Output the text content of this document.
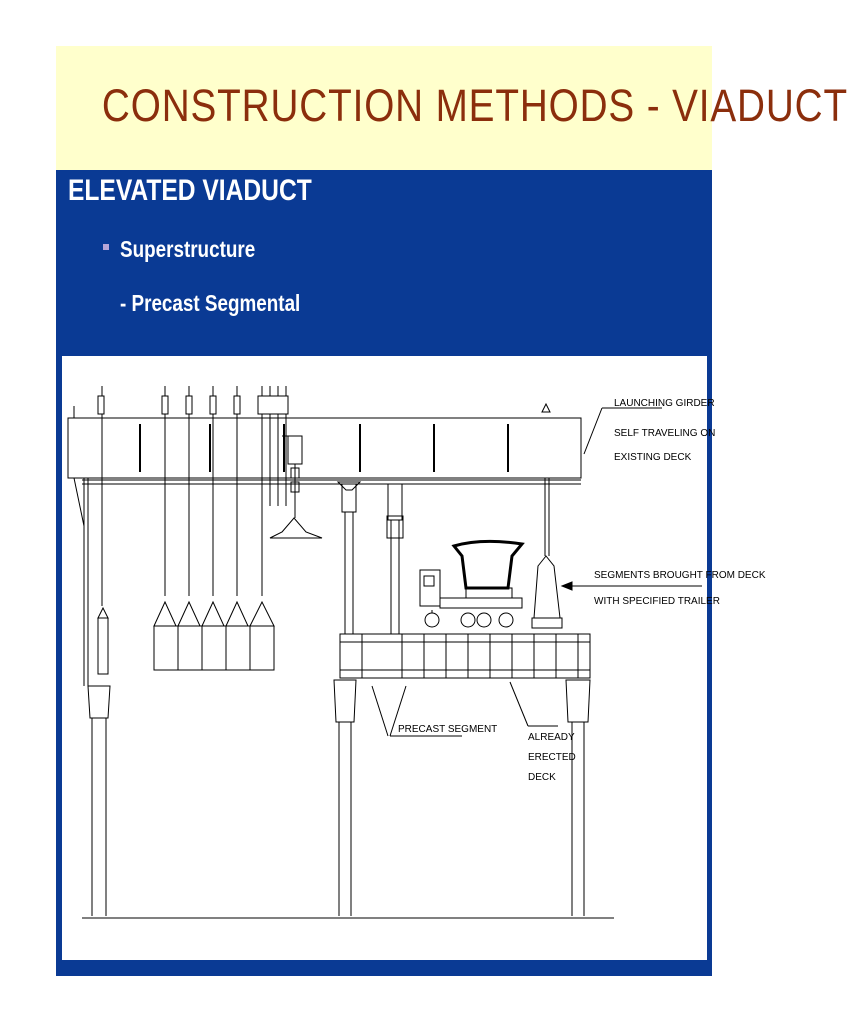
CONSTRUCTION METHODS - VIADUCT
ELEVATED VIADUCT
Superstructure
- Precast Segmental
LAUNCHING GIRDER
SELF TRAVELING ON
EXISTING DECK
SEGMENTS BROUGHT FROM DECK
WITH SPECIFIED TRAILER
PRECAST SEGMENT
ALREADY
ERECTED
DECK
